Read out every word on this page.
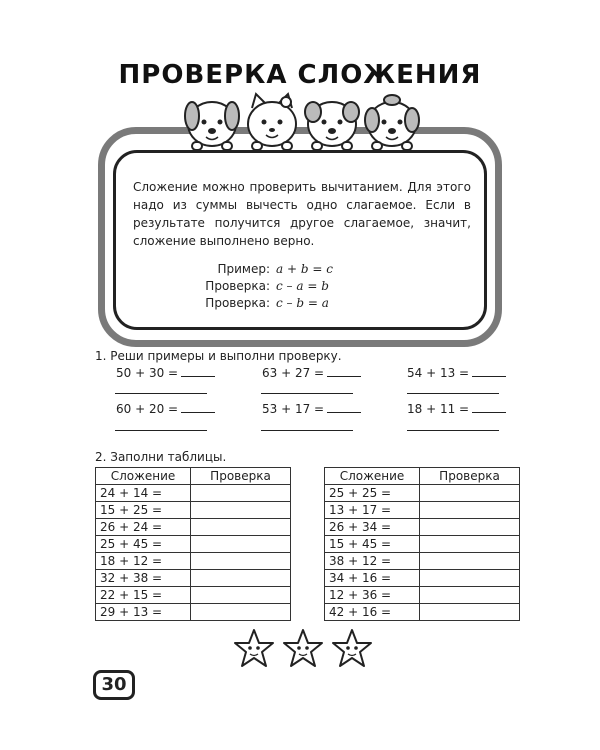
ПРОВЕРКА СЛОЖЕНИЯ
Сложение можно проверить вычитанием. Для этого надо из суммы вычесть одно слагаемое. Если в результате получится другое слагаемое, значит, сложение выполнено верно.
Пример: a + b = c
Проверка: c – a = b
Проверка: c – b = a
1. Реши примеры и выполни проверку.
50 + 30 =	63 + 27 =	54 + 13 =
60 + 20 =	53 + 17 =	18 + 11 =
2. Заполни таблицы.
Сложение	Проверка
24 + 14 =	
15 + 25 =	
26 + 24 =	
25 + 45 =	
18 + 12 =	
32 + 38 =	
22 + 15 =	
29 + 13 =	
Сложение	Проверка
25 + 25 =	
13 + 17 =	
26 + 34 =	
15 + 45 =	
38 + 12 =	
34 + 16 =	
12 + 36 =	
42 + 16 =	
30
